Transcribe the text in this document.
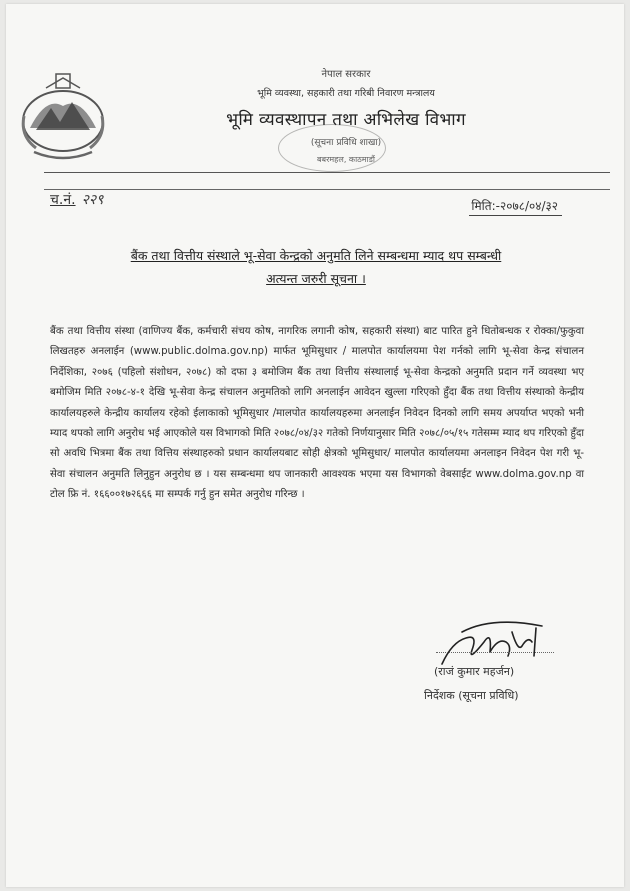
नेपाल सरकार
भूमि व्यवस्था, सहकारी तथा गरिबी निवारण मन्त्रालय
भूमि व्यवस्थापन तथा अभिलेख विभाग
(सूचना प्रविधि शाखा)
बबरमहल, काठमाडौं
च.नं. २२९	मिति:-२०७८/०४/३२
बैंक तथा वित्तीय संस्थाले भू-सेवा केन्द्रको अनुमति लिने सम्बन्धमा म्याद थप सम्बन्धी
अत्यन्त जरुरी सूचना ।
बैंक तथा वित्तीय संस्था (वाणिज्य बैंक, कर्मचारी संचय कोष, नागरिक लगानी कोष, सहकारी संस्था) बाट पारित हुने धितोबन्धक र रोक्का/फुकुवा लिखतहरु अनलाईन (www.public.dolma.gov.np) मार्फत भूमिसुधार / मालपोत कार्यालयमा पेश गर्नको लागि भू-सेवा केन्द्र संचालन निर्देशिका, २०७६ (पहिलो संशोधन, २०७८) को दफा ३ बमोजिम बैंक तथा वित्तीय संस्थालाई भू-सेवा केन्द्रको अनुमति प्रदान गर्ने व्यवस्था भए बमोजिम मिति २०७८-४-१ देखि भू-सेवा केन्द्र संचालन अनुमतिको लागि अनलाईन आवेदन खुल्ला गरिएको हुँदा बैंक तथा वित्तीय संस्थाको केन्द्रीय कार्यालयहरुले केन्द्रीय कार्यालय रहेको ईलाकाको भूमिसुधार /मालपोत कार्यालयहरुमा अनलाईन निवेदन दिनको लागि समय अपर्याप्त भएको भनी म्याद थपको लागि अनुरोध भई आएकोले यस विभागको मिति २०७८/०४/३२ गतेको निर्णयानुसार मिति २०७८/०५/१५ गतेसम्म म्याद थप गरिएको हुँदा सो अवधि भित्रमा बैंक तथा वित्तिय संस्थाहरुको प्रधान कार्यालयबाट सोही क्षेत्रको भूमिसुधार/ मालपोत कार्यालयमा अनलाइन निवेदन पेश गरी भू-सेवा संचालन अनुमति लिनुहुन अनुरोध छ । यस सम्बन्धमा थप जानकारी आवश्यक भएमा यस विभागको वेबसाईट www.dolma.gov.np वा टोल फ्रि नं. १६६००१७२६६६ मा सम्पर्क गर्नु हुन समेत अनुरोध गरिन्छ ।
(राजं कुमार महर्जन)
निर्देशक (सूचना प्रविधि)
